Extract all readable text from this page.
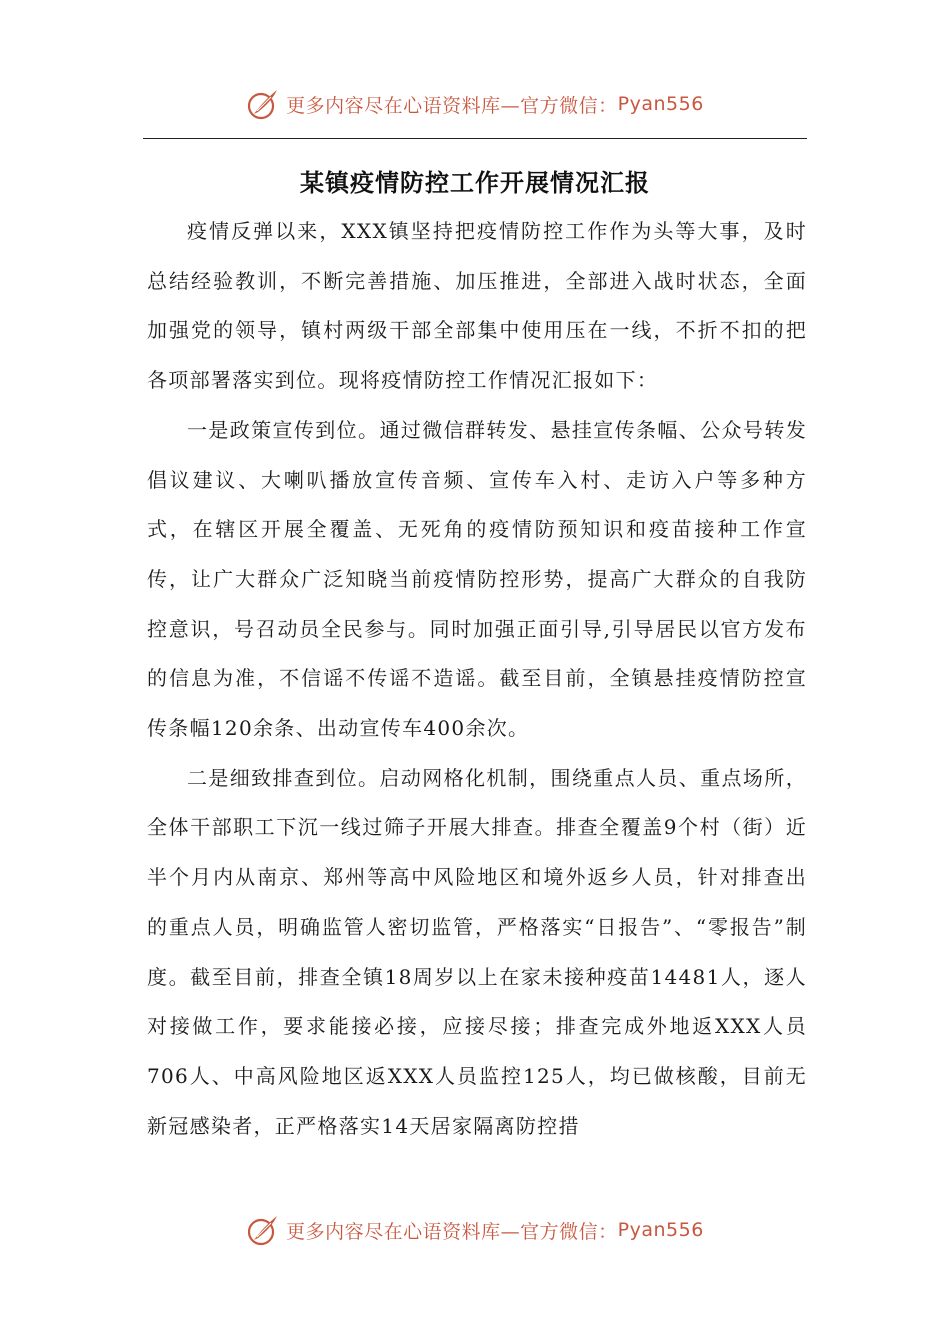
更多内容尽在心语资料库—官方微信： Pyan556
某镇疫情防控工作开展情况汇报

疫情反弹以来，XXX镇坚持把疫情防控工作作为头等大事，及时总结经验教训，不断完善措施、加压推进，全部进入战时状态，全面加强党的领导，镇村两级干部全部集中使用压在一线，不折不扣的把各项部署落实到位。现将疫情防控工作情况汇报如下：

一是政策宣传到位。通过微信群转发、悬挂宣传条幅、公众号转发倡议建议、大喇叭播放宣传音频、宣传车入村、走访入户等多种方式，在辖区开展全覆盖、无死角的疫情防预知识和疫苗接种工作宣传，让广大群众广泛知晓当前疫情防控形势，提高广大群众的自我防控意识，号召动员全民参与。同时加强正面引导,引导居民以官方发布的信息为准，不信谣不传谣不造谣。截至目前，全镇悬挂疫情防控宣传条幅120余条、出动宣传车400余次。

二是细致排查到位。启动网格化机制，围绕重点人员、重点场所，全体干部职工下沉一线过筛子开展大排查。排查全覆盖9个村（街）近半个月内从南京、郑州等高中风险地区和境外返乡人员，针对排查出的重点人员，明确监管人密切监管，严格落实“日报告”、“零报告”制度。截至目前，排查全镇18周岁以上在家未接种疫苗14481人，逐人对接做工作，要求能接必接，应接尽接；排查完成外地返XXX人员706人、中高风险地区返XXX人员监控125人，均已做核酸，目前无新冠感染者，正严格落实14天居家隔离防控措

更多内容尽在心语资料库—官方微信： Pyan556
